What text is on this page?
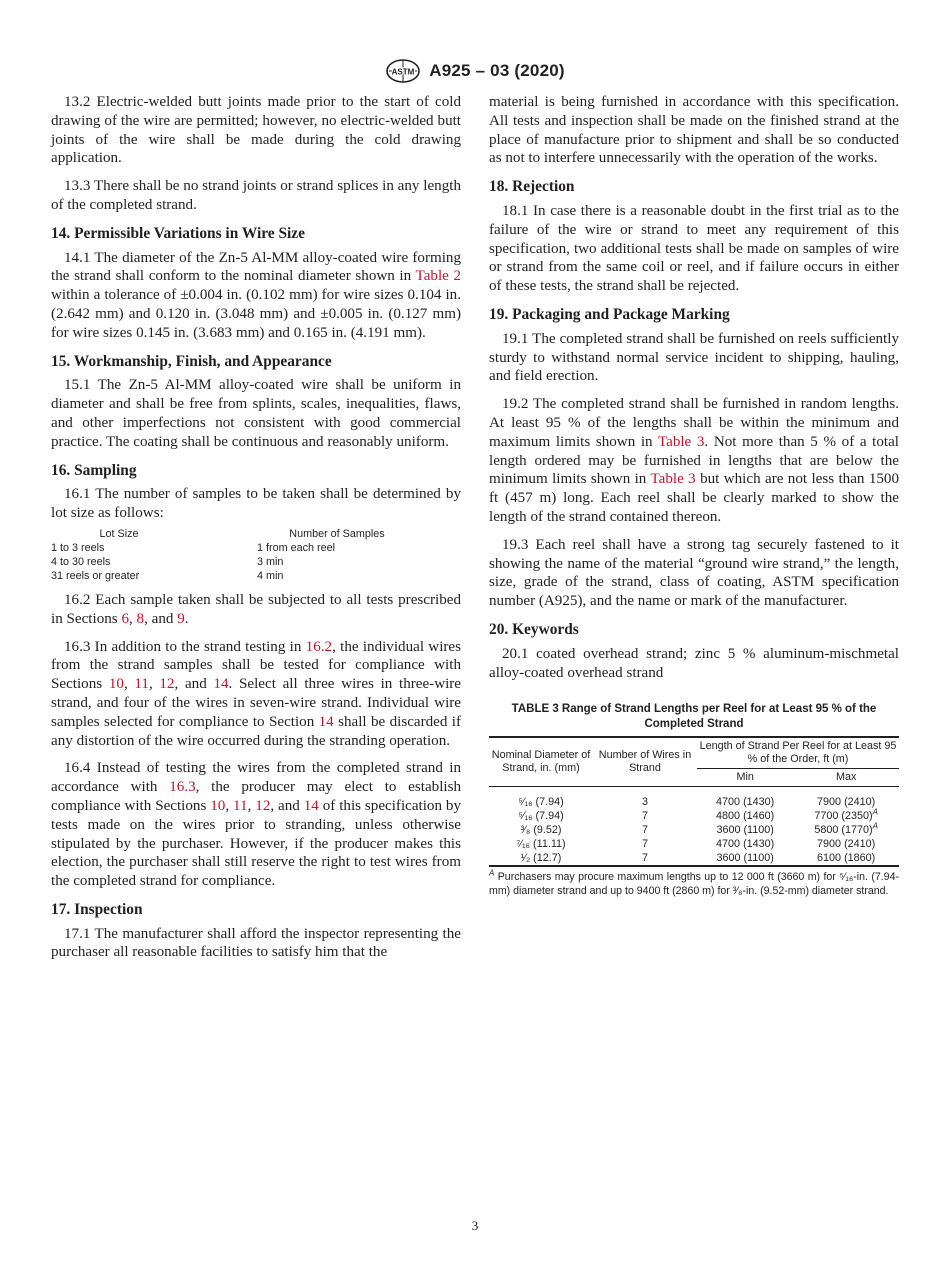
ASTM A925 – 03 (2020)

13.2 Electric-welded butt joints made prior to the start of cold drawing of the wire are permitted; however, no electric-welded butt joints of the wire shall be made during the cold drawing application.

13.3 There shall be no strand joints or strand splices in any length of the completed strand.

14. Permissible Variations in Wire Size

14.1 The diameter of the Zn-5 Al-MM alloy-coated wire forming the strand shall conform to the nominal diameter shown in Table 2 within a tolerance of ±0.004 in. (0.102 mm) for wire sizes 0.104 in. (2.642 mm) and 0.120 in. (3.048 mm) and ±0.005 in. (0.127 mm) for wire sizes 0.145 in. (3.683 mm) and 0.165 in. (4.191 mm).

15. Workmanship, Finish, and Appearance

15.1 The Zn-5 Al-MM alloy-coated wire shall be uniform in diameter and shall be free from splints, scales, inequalities, flaws, and other imperfections not consistent with good commercial practice. The coating shall be continuous and reasonably uniform.

16. Sampling

16.1 The number of samples to be taken shall be determined by lot size as follows:

Lot Size	Number of Samples
1 to 3 reels	1 from each reel
4 to 30 reels	3 min
31 reels or greater	4 min

16.2 Each sample taken shall be subjected to all tests prescribed in Sections 6, 8, and 9.

16.3 In addition to the strand testing in 16.2, the individual wires from the strand samples shall be tested for compliance with Sections 10, 11, 12, and 14. Select all three wires in three-wire strand, and four of the wires in seven-wire strand. Individual wire samples selected for compliance to Section 14 shall be discarded if any distortion of the wire occurred during the stranding operation.

16.4 Instead of testing the wires from the completed strand in accordance with 16.3, the producer may elect to establish compliance with Sections 10, 11, 12, and 14 of this specification by tests made on the wires prior to stranding, unless otherwise stipulated by the purchaser. However, if the producer makes this election, the purchaser shall still reserve the right to test wires from the completed strand for compliance.

17. Inspection

17.1 The manufacturer shall afford the inspector representing the purchaser all reasonable facilities to satisfy him that the

material is being furnished in accordance with this specification. All tests and inspection shall be made on the finished strand at the place of manufacture prior to shipment and shall be so conducted as not to interfere unnecessarily with the operation of the works.

18. Rejection

18.1 In case there is a reasonable doubt in the first trial as to the failure of the wire or strand to meet any requirement of this specification, two additional tests shall be made on samples of wire or strand from the same coil or reel, and if failure occurs in either of these tests, the strand shall be rejected.

19. Packaging and Package Marking

19.1 The completed strand shall be furnished on reels sufficiently sturdy to withstand normal service incident to shipping, hauling, and field erection.

19.2 The completed strand shall be furnished in random lengths. At least 95 % of the lengths shall be within the minimum and maximum limits shown in Table 3. Not more than 5 % of a total length ordered may be furnished in lengths that are below the minimum limits shown in Table 3 but which are not less than 1500 ft (457 m) long. Each reel shall be clearly marked to show the length of the strand contained thereon.

19.3 Each reel shall have a strong tag securely fastened to it showing the name of the material “ground wire strand,” the length, size, grade of the strand, class of coating, ASTM specification number (A925), and the name or mark of the manufacturer.

20. Keywords

20.1 coated overhead strand; zinc 5 % aluminum-mischmetal alloy-coated overhead strand

TABLE 3 Range of Strand Lengths per Reel for at Least 95 % of the Completed Strand
Nominal Diameter of Strand, in. (mm)	Number of Wires in Strand	Length of Strand Per Reel for at Least 95 % of the Order, ft (m)	
		Min	Max

⁵⁄₁₆ (7.94)	3	4700 (1430)	7900 (2410)
⁵⁄₁₆ (7.94)	7	4800 (1460)	7700 $(2350)^A$
³⁄₈ (9.52)	7	3600 (1100)	5800 $(1770)^A$
⁷⁄₁₆ (11.11)	7	4700 (1430)	7900 (2410)
¹⁄₂ (12.7)	7	3600 (1100)	6100 (1860)
$^A$ Purchasers may procure maximum lengths up to 12 000 ft (3660 m) for ⁵⁄₁₆-in. (7.94-mm) diameter strand and up to 9400 ft (2860 m) for ³⁄₈-in. (9.52-mm) diameter strand.
3
